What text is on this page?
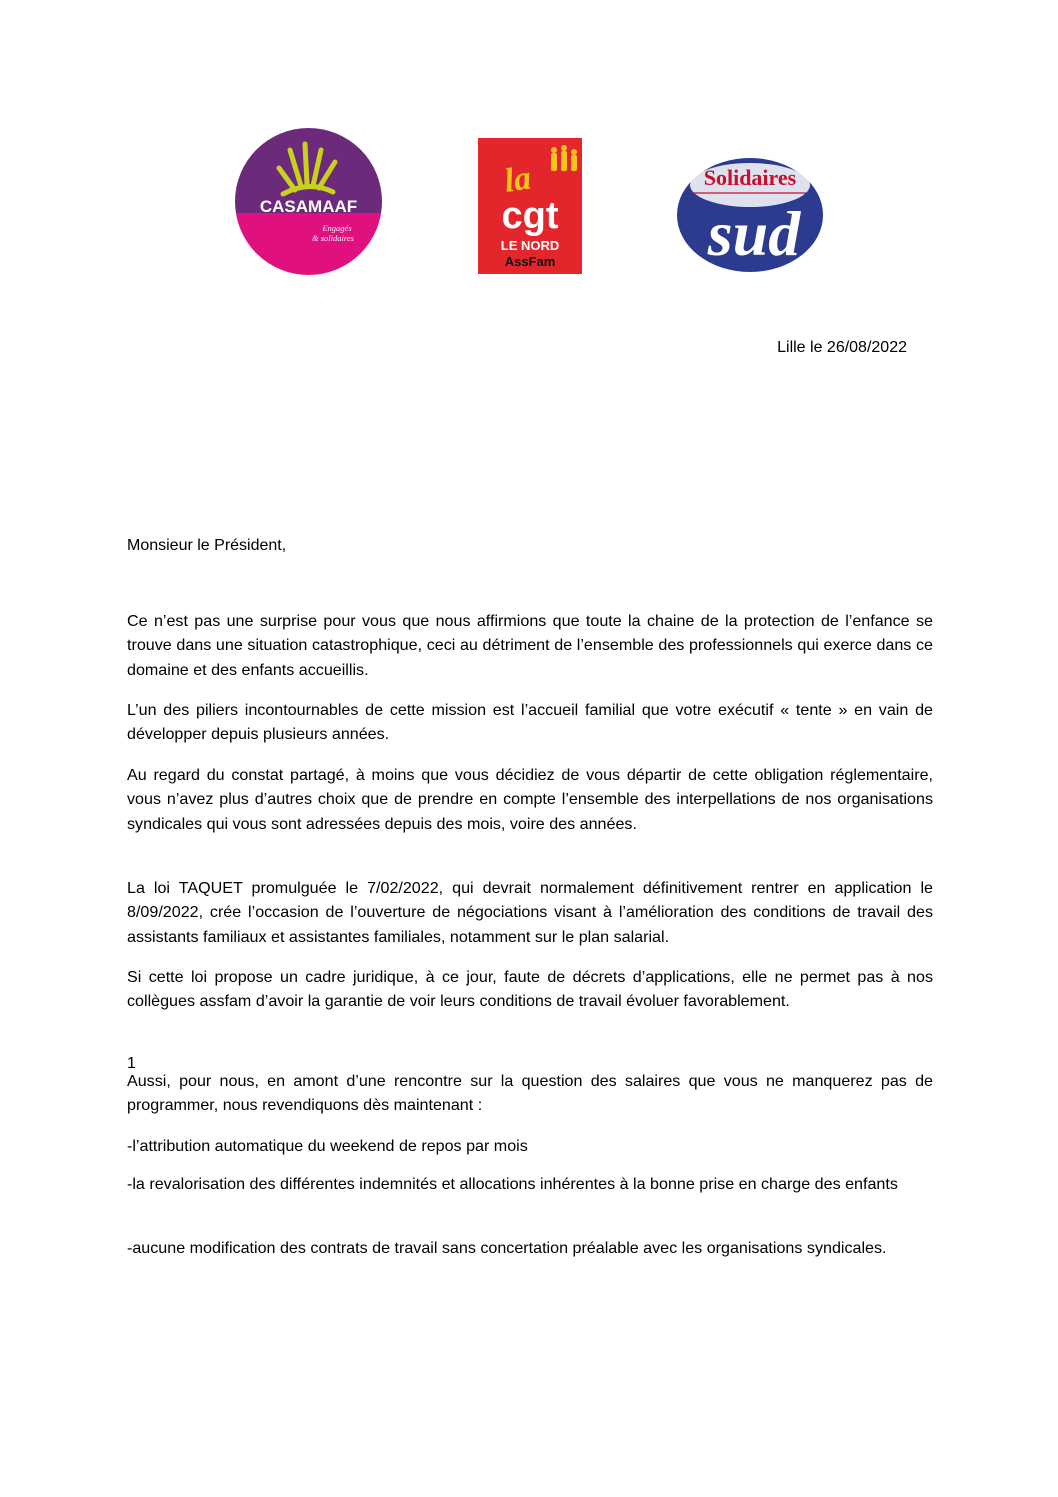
CASAMAAF
Engagés
& solidaires
la
cgt
LE NORD
AssFam
Solidaires
sud
Lille le 26/08/2022
Monsieur le Président,

Ce n’est pas une surprise pour vous que nous affirmions que toute la chaine de la protection de l’enfance se trouve dans une situation catastrophique, ceci au détriment de l’ensemble des professionnels qui exerce dans ce domaine et des enfants accueillis.

L’un des piliers incontournables de cette mission est l’accueil familial que votre exécutif « tente » en vain de développer depuis plusieurs années.

Au regard du constat partagé, à moins que vous décidiez de vous départir de cette obligation réglementaire, vous n’avez plus d’autres choix que de prendre en compte l’ensemble des interpellations de nos organisations syndicales qui vous sont adressées depuis des mois, voire des années.

La loi TAQUET promulguée le 7/02/2022, qui devrait normalement définitivement rentrer en application le 8/09/2022, crée l’occasion de l’ouverture de négociations visant à l’amélioration des conditions de travail des assistants familiaux et assistantes familiales, notamment sur le plan salarial.

Si cette loi propose un cadre juridique, à ce jour, faute de décrets d’applications, elle ne permet pas à nos collègues assfam d’avoir la garantie de voir leurs conditions de travail évoluer favorablement.

Aussi, pour nous, en amont d’une rencontre sur la question des salaires que vous ne manquerez pas de programmer, nous revendiquons dès maintenant :

-l’attribution automatique du weekend de repos par mois

-la revalorisation des différentes indemnités et allocations inhérentes à la bonne prise en charge des enfants

-aucune modification des contrats de travail sans concertation préalable avec les organisations syndicales.

1
